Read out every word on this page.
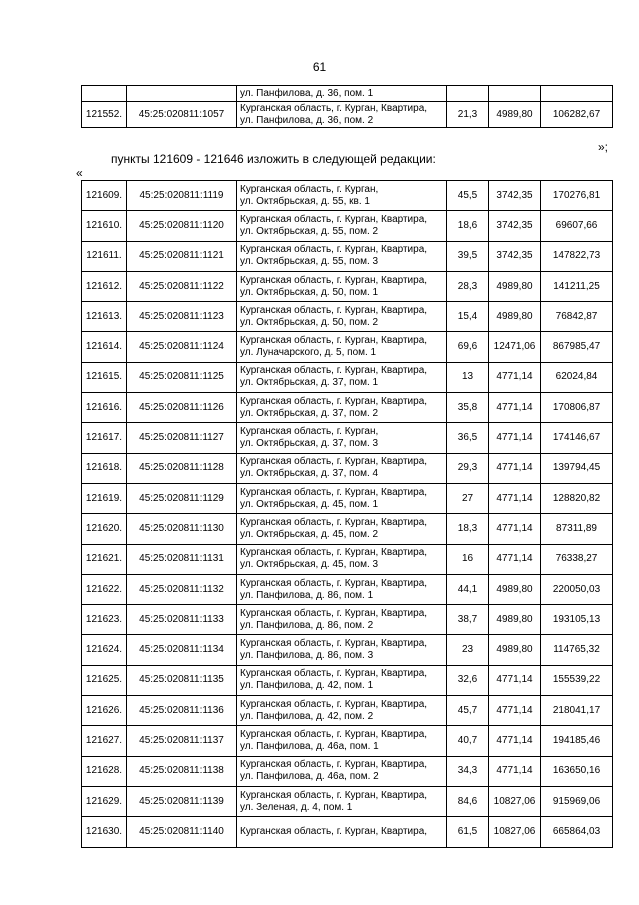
61

		ул. Панфилова, д. 36, пом. 1			

121552.	45:25:020811:1057	Курганская область, г. Курган, Квартира,
ул. Панфилова, д. 36, пом. 2	21,3	4989,80	106282,67
»;
пункты 121609 - 121646 изложить в следующей редакции:
«
121609.	45:25:020811:1119	Курганская область, г. Курган,
ул. Октябрьская, д. 55, кв. 1	45,5	3742,35	170276,81
121610.	45:25:020811:1120	Курганская область, г. Курган, Квартира,
ул. Октябрьская, д. 55, пом. 2	18,6	3742,35	69607,66
121611.	45:25:020811:1121	Курганская область, г. Курган, Квартира,
ул. Октябрьская, д. 55, пом. 3	39,5	3742,35	147822,73
121612.	45:25:020811:1122	Курганская область, г. Курган, Квартира,
ул. Октябрьская, д. 50, пом. 1	28,3	4989,80	141211,25
121613.	45:25:020811:1123	Курганская область, г. Курган, Квартира,
ул. Октябрьская, д. 50, пом. 2	15,4	4989,80	76842,87
121614.	45:25:020811:1124	Курганская область, г. Курган, Квартира,
ул. Луначарского, д. 5, пом. 1	69,6	12471,06	867985,47
121615.	45:25:020811:1125	Курганская область, г. Курган, Квартира,
ул. Октябрьская, д. 37, пом. 1	13	4771,14	62024,84
121616.	45:25:020811:1126	Курганская область, г. Курган, Квартира,
ул. Октябрьская, д. 37, пом. 2	35,8	4771,14	170806,87
121617.	45:25:020811:1127	Курганская область, г. Курган,
ул. Октябрьская, д. 37, пом. 3	36,5	4771,14	174146,67
121618.	45:25:020811:1128	Курганская область, г. Курган, Квартира,
ул. Октябрьская, д. 37, пом. 4	29,3	4771,14	139794,45
121619.	45:25:020811:1129	Курганская область, г. Курган, Квартира,
ул. Октябрьская, д. 45, пом. 1	27	4771,14	128820,82
121620.	45:25:020811:1130	Курганская область, г. Курган, Квартира,
ул. Октябрьская, д. 45, пом. 2	18,3	4771,14	87311,89
121621.	45:25:020811:1131	Курганская область, г. Курган, Квартира,
ул. Октябрьская, д. 45, пом. 3	16	4771,14	76338,27
121622.	45:25:020811:1132	Курганская область, г. Курган, Квартира,
ул. Панфилова, д. 86, пом. 1	44,1	4989,80	220050,03
121623.	45:25:020811:1133	Курганская область, г. Курган, Квартира,
ул. Панфилова, д. 86, пом. 2	38,7	4989,80	193105,13
121624.	45:25:020811:1134	Курганская область, г. Курган, Квартира,
ул. Панфилова, д. 86, пом. 3	23	4989,80	114765,32
121625.	45:25:020811:1135	Курганская область, г. Курган, Квартира,
ул. Панфилова, д. 42, пом. 1	32,6	4771,14	155539,22
121626.	45:25:020811:1136	Курганская область, г. Курган, Квартира,
ул. Панфилова, д. 42, пом. 2	45,7	4771,14	218041,17
121627.	45:25:020811:1137	Курганская область, г. Курган, Квартира,
ул. Панфилова, д. 46а, пом. 1	40,7	4771,14	194185,46
121628.	45:25:020811:1138	Курганская область, г. Курган, Квартира,
ул. Панфилова, д. 46а, пом. 2	34,3	4771,14	163650,16
121629.	45:25:020811:1139	Курганская область, г. Курган, Квартира,
ул. Зеленая, д. 4, пом. 1	84,6	10827,06	915969,06
121630.	45:25:020811:1140	Курганская область, г. Курган, Квартира,	61,5	10827,06	665864,03
